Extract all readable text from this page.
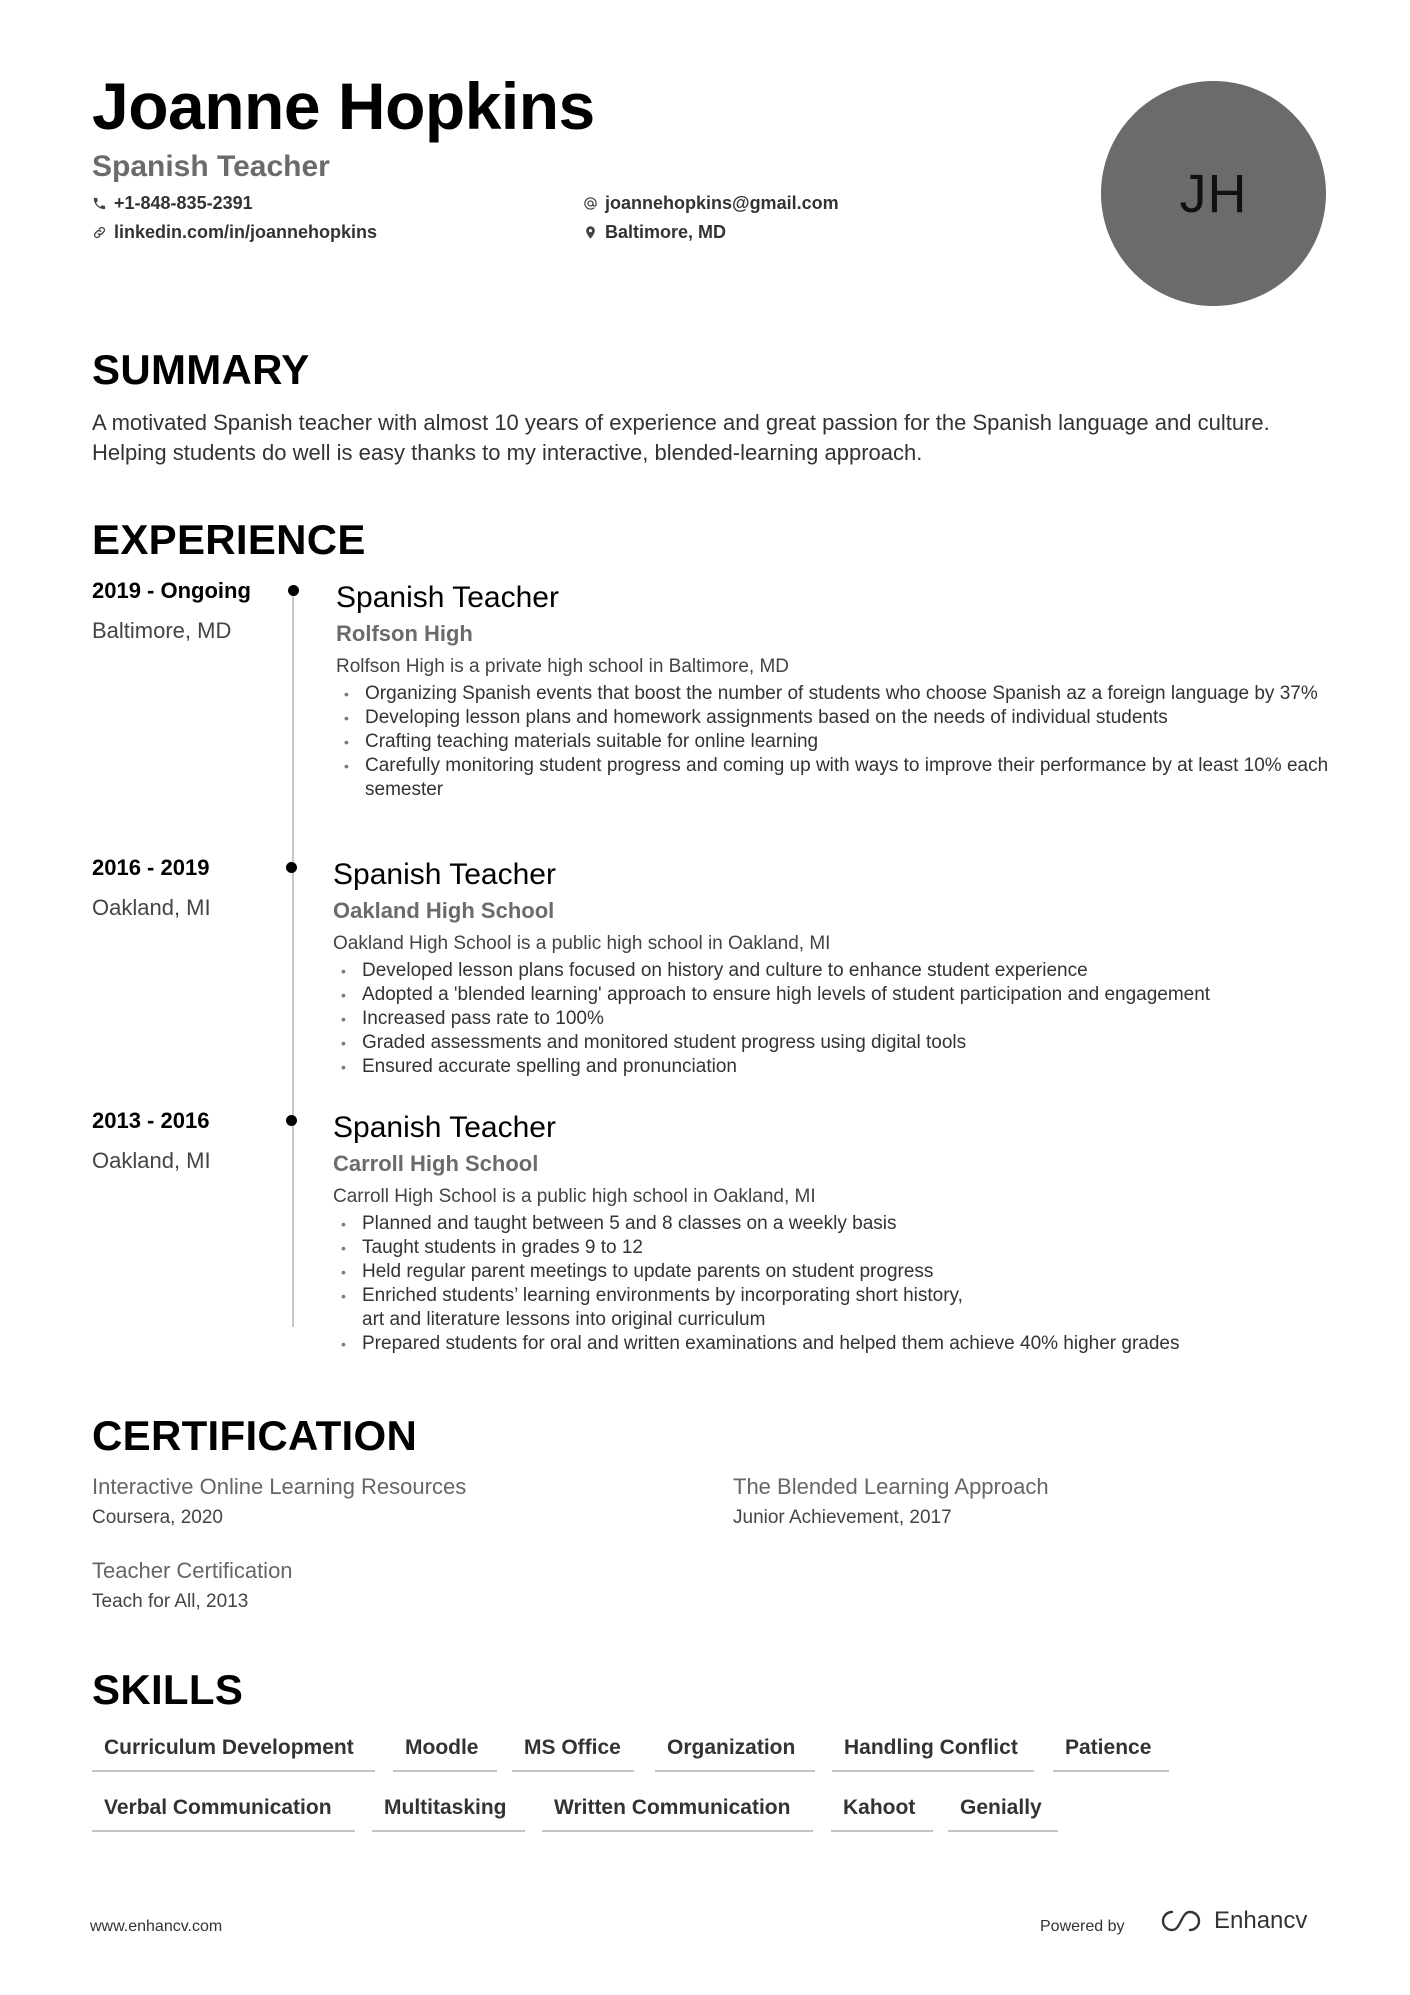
Joanne Hopkins
Spanish Teacher
+1-848-835-2391
linkedin.com/in/joannehopkins
joannehopkins@gmail.com
Baltimore, MD
JH
SUMMARY
A motivated Spanish teacher with almost 10 years of experience and great passion for the Spanish language and culture. Helping students do well is easy thanks to my interactive, blended-learning approach.
EXPERIENCE
2019 - Ongoing
Baltimore, MD
Spanish Teacher
Rolfson High
Rolfson High is a private high school in Baltimore, MD
• Organizing Spanish events that boost the number of students who choose Spanish az a foreign language by 37%
• Developing lesson plans and homework assignments based on the needs of individual students
• Crafting teaching materials suitable for online learning
• Carefully monitoring student progress and coming up with ways to improve their performance by at least 10% each semester
2016 - 2019
Oakland, MI
Spanish Teacher
Oakland High School
Oakland High School is a public high school in Oakland, MI
• Developed lesson plans focused on history and culture to enhance student experience
• Adopted a 'blended learning' approach to ensure high levels of student participation and engagement
• Increased pass rate to 100%
• Graded assessments and monitored student progress using digital tools
• Ensured accurate spelling and pronunciation
2013 - 2016
Oakland, MI
Spanish Teacher
Carroll High School
Carroll High School is a public high school in Oakland, MI
• Planned and taught between 5 and 8 classes on a weekly basis
• Taught students in grades 9 to 12
• Held regular parent meetings to update parents on student progress
• Enriched students’ learning environments by incorporating short history, art and literature lessons into original curriculum
• Prepared students for oral and written examinations and helped them achieve 40% higher grades
CERTIFICATION
Interactive Online Learning Resources
Coursera, 2020
The Blended Learning Approach
Junior Achievement, 2017
Teacher Certification
Teach for All, 2013
SKILLS
Curriculum Development	Moodle	MS Office	Organization	Handling Conflict	Patience
Verbal Communication	Multitasking	Written Communication	Kahoot	Genially
www.enhancv.com	Powered by	Enhancv
